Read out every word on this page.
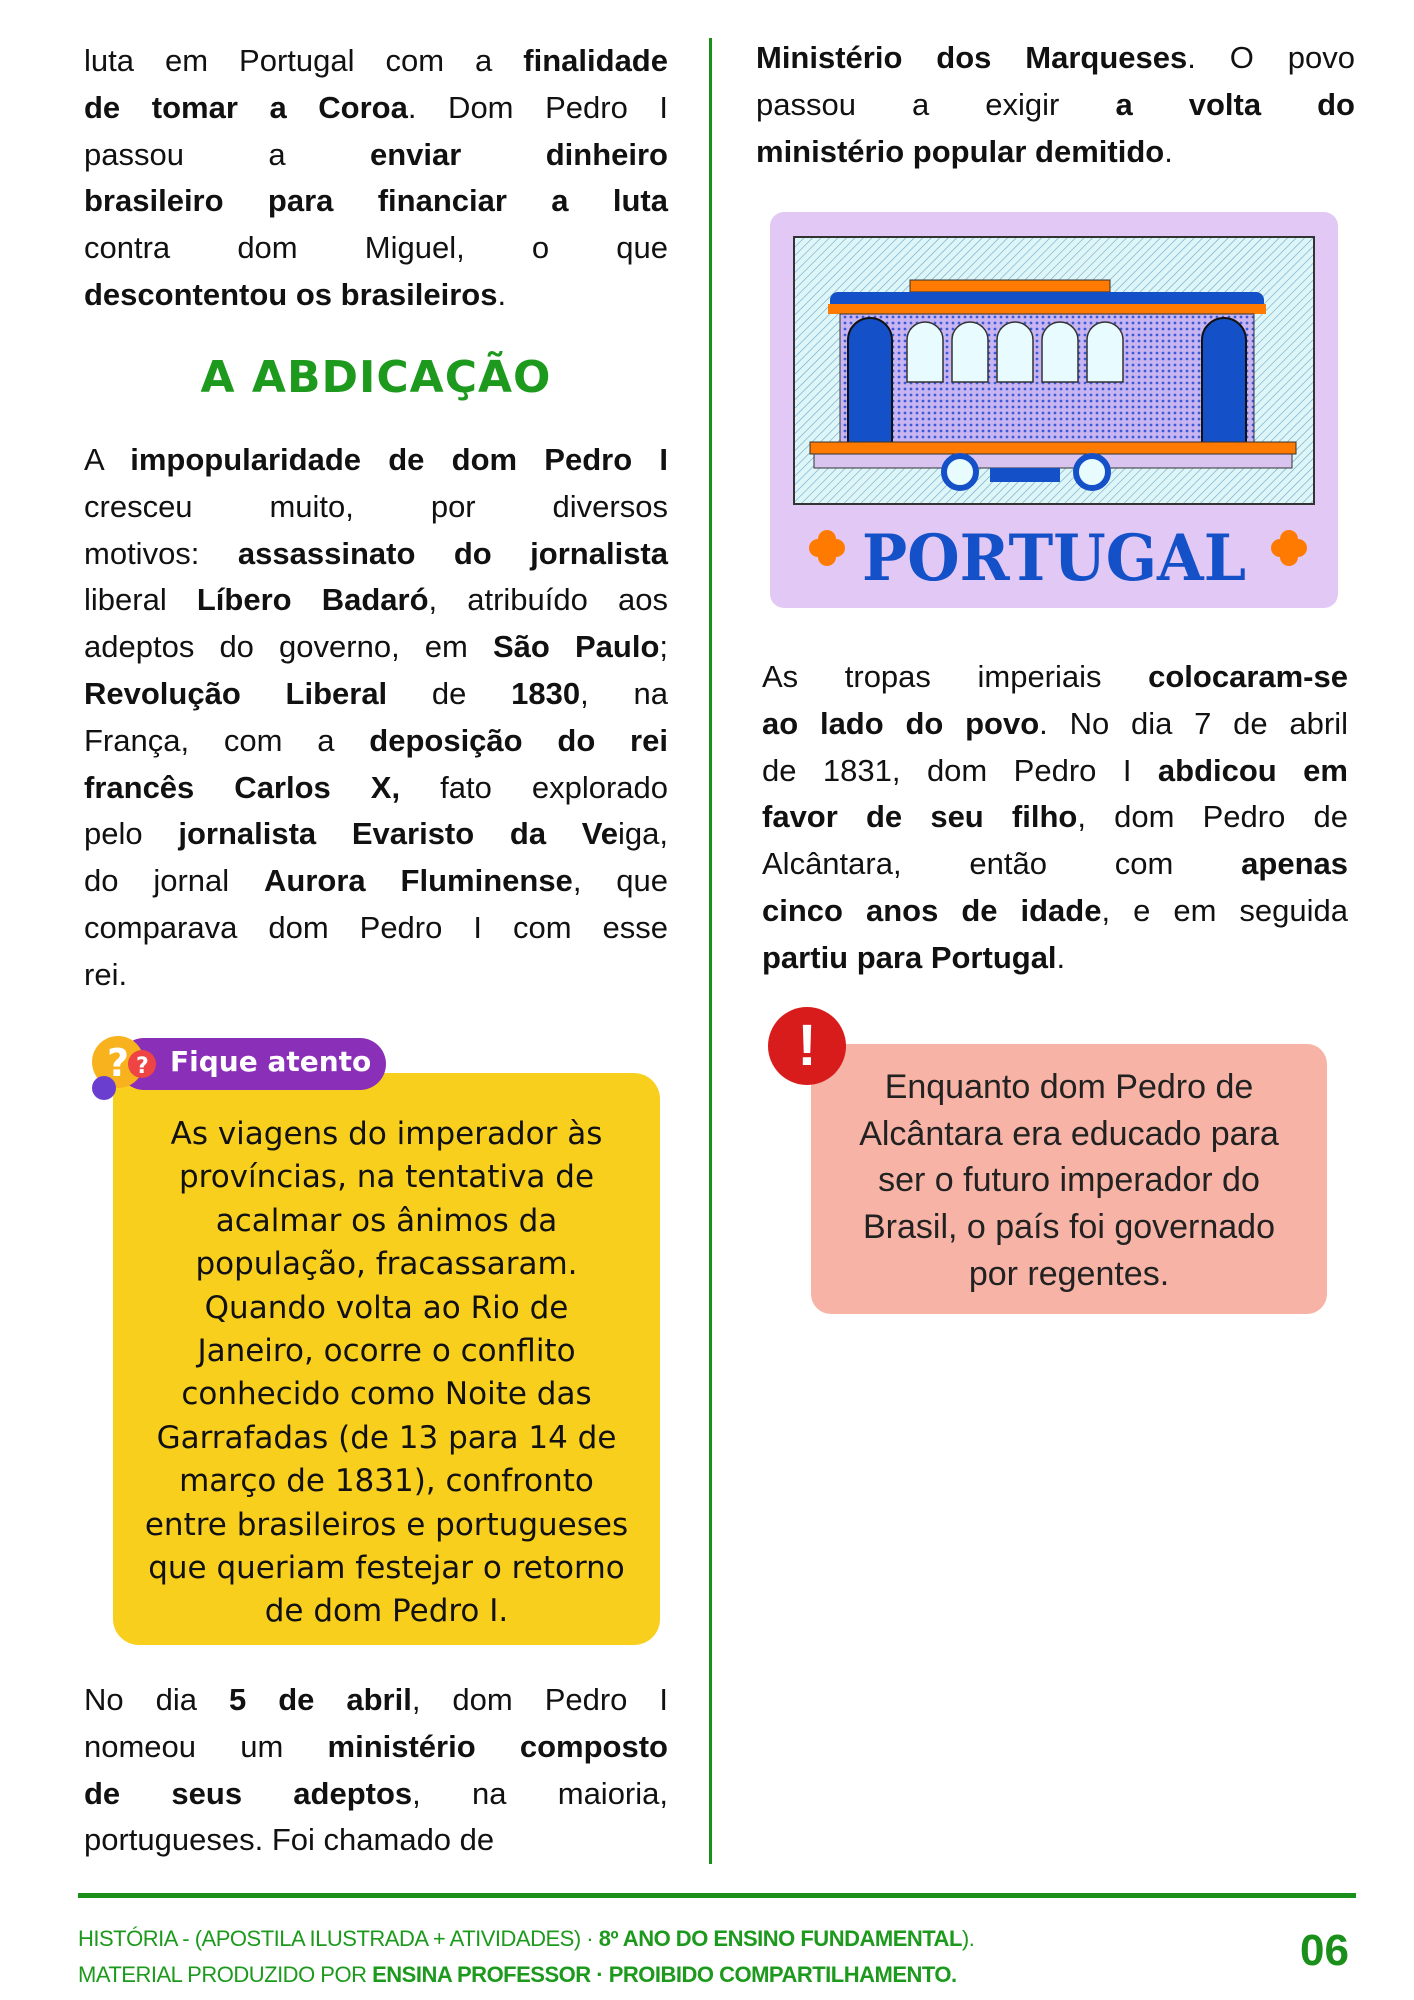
luta em Portugal com a finalidade
de tomar a Coroa. Dom Pedro I
passou a enviar dinheiro
brasileiro para financiar a luta
contra dom Miguel, o que
descontentou os brasileiros.
A ABDICAÇÃO
A impopularidade de dom Pedro I
cresceu muito, por diversos
motivos: assassinato do jornalista
liberal Líbero Badaró, atribuído aos
adeptos do governo, em São Paulo;
Revolução Liberal de 1830, na
França, com a deposição do rei
francês Carlos X, fato explorado
pelo jornalista Evaristo da Veiga,
do jornal Aurora Fluminense, que
comparava dom Pedro I com esse
rei.
As viagens do imperador às
províncias, na tentativa de
acalmar os ânimos da
população, fracassaram.
Quando volta ao Rio de
Janeiro, ocorre o conflito
conhecido como Noite das
Garrafadas (de 13 para 14 de
março de 1831), confronto
entre brasileiros e portugueses
que queriam festejar o retorno
de dom Pedro I.
Fique atento
? ?
No dia 5 de abril, dom Pedro I
nomeou um ministério composto
de seus adeptos, na maioria,
portugueses. Foi chamado de
Ministério dos Marqueses. O povo
passou a exigir a volta do
ministério popular demitido.
PORTUGAL
As tropas imperiais colocaram-se
ao lado do povo. No dia 7 de abril
de 1831, dom Pedro I abdicou em
favor de seu filho, dom Pedro de
Alcântara, então com apenas
cinco anos de idade, e em seguida
partiu para Portugal.
Enquanto dom Pedro de
Alcântara era educado para
ser o futuro imperador do
Brasil, o país foi governado
por regentes.
!
HISTÓRIA - (APOSTILA ILUSTRADA + ATIVIDADES) · 8º ANO DO ENSINO FUNDAMENTAL).
MATERIAL PRODUZIDO POR ENSINA PROFESSOR · PROIBIDO COMPARTILHAMENTO.	06
